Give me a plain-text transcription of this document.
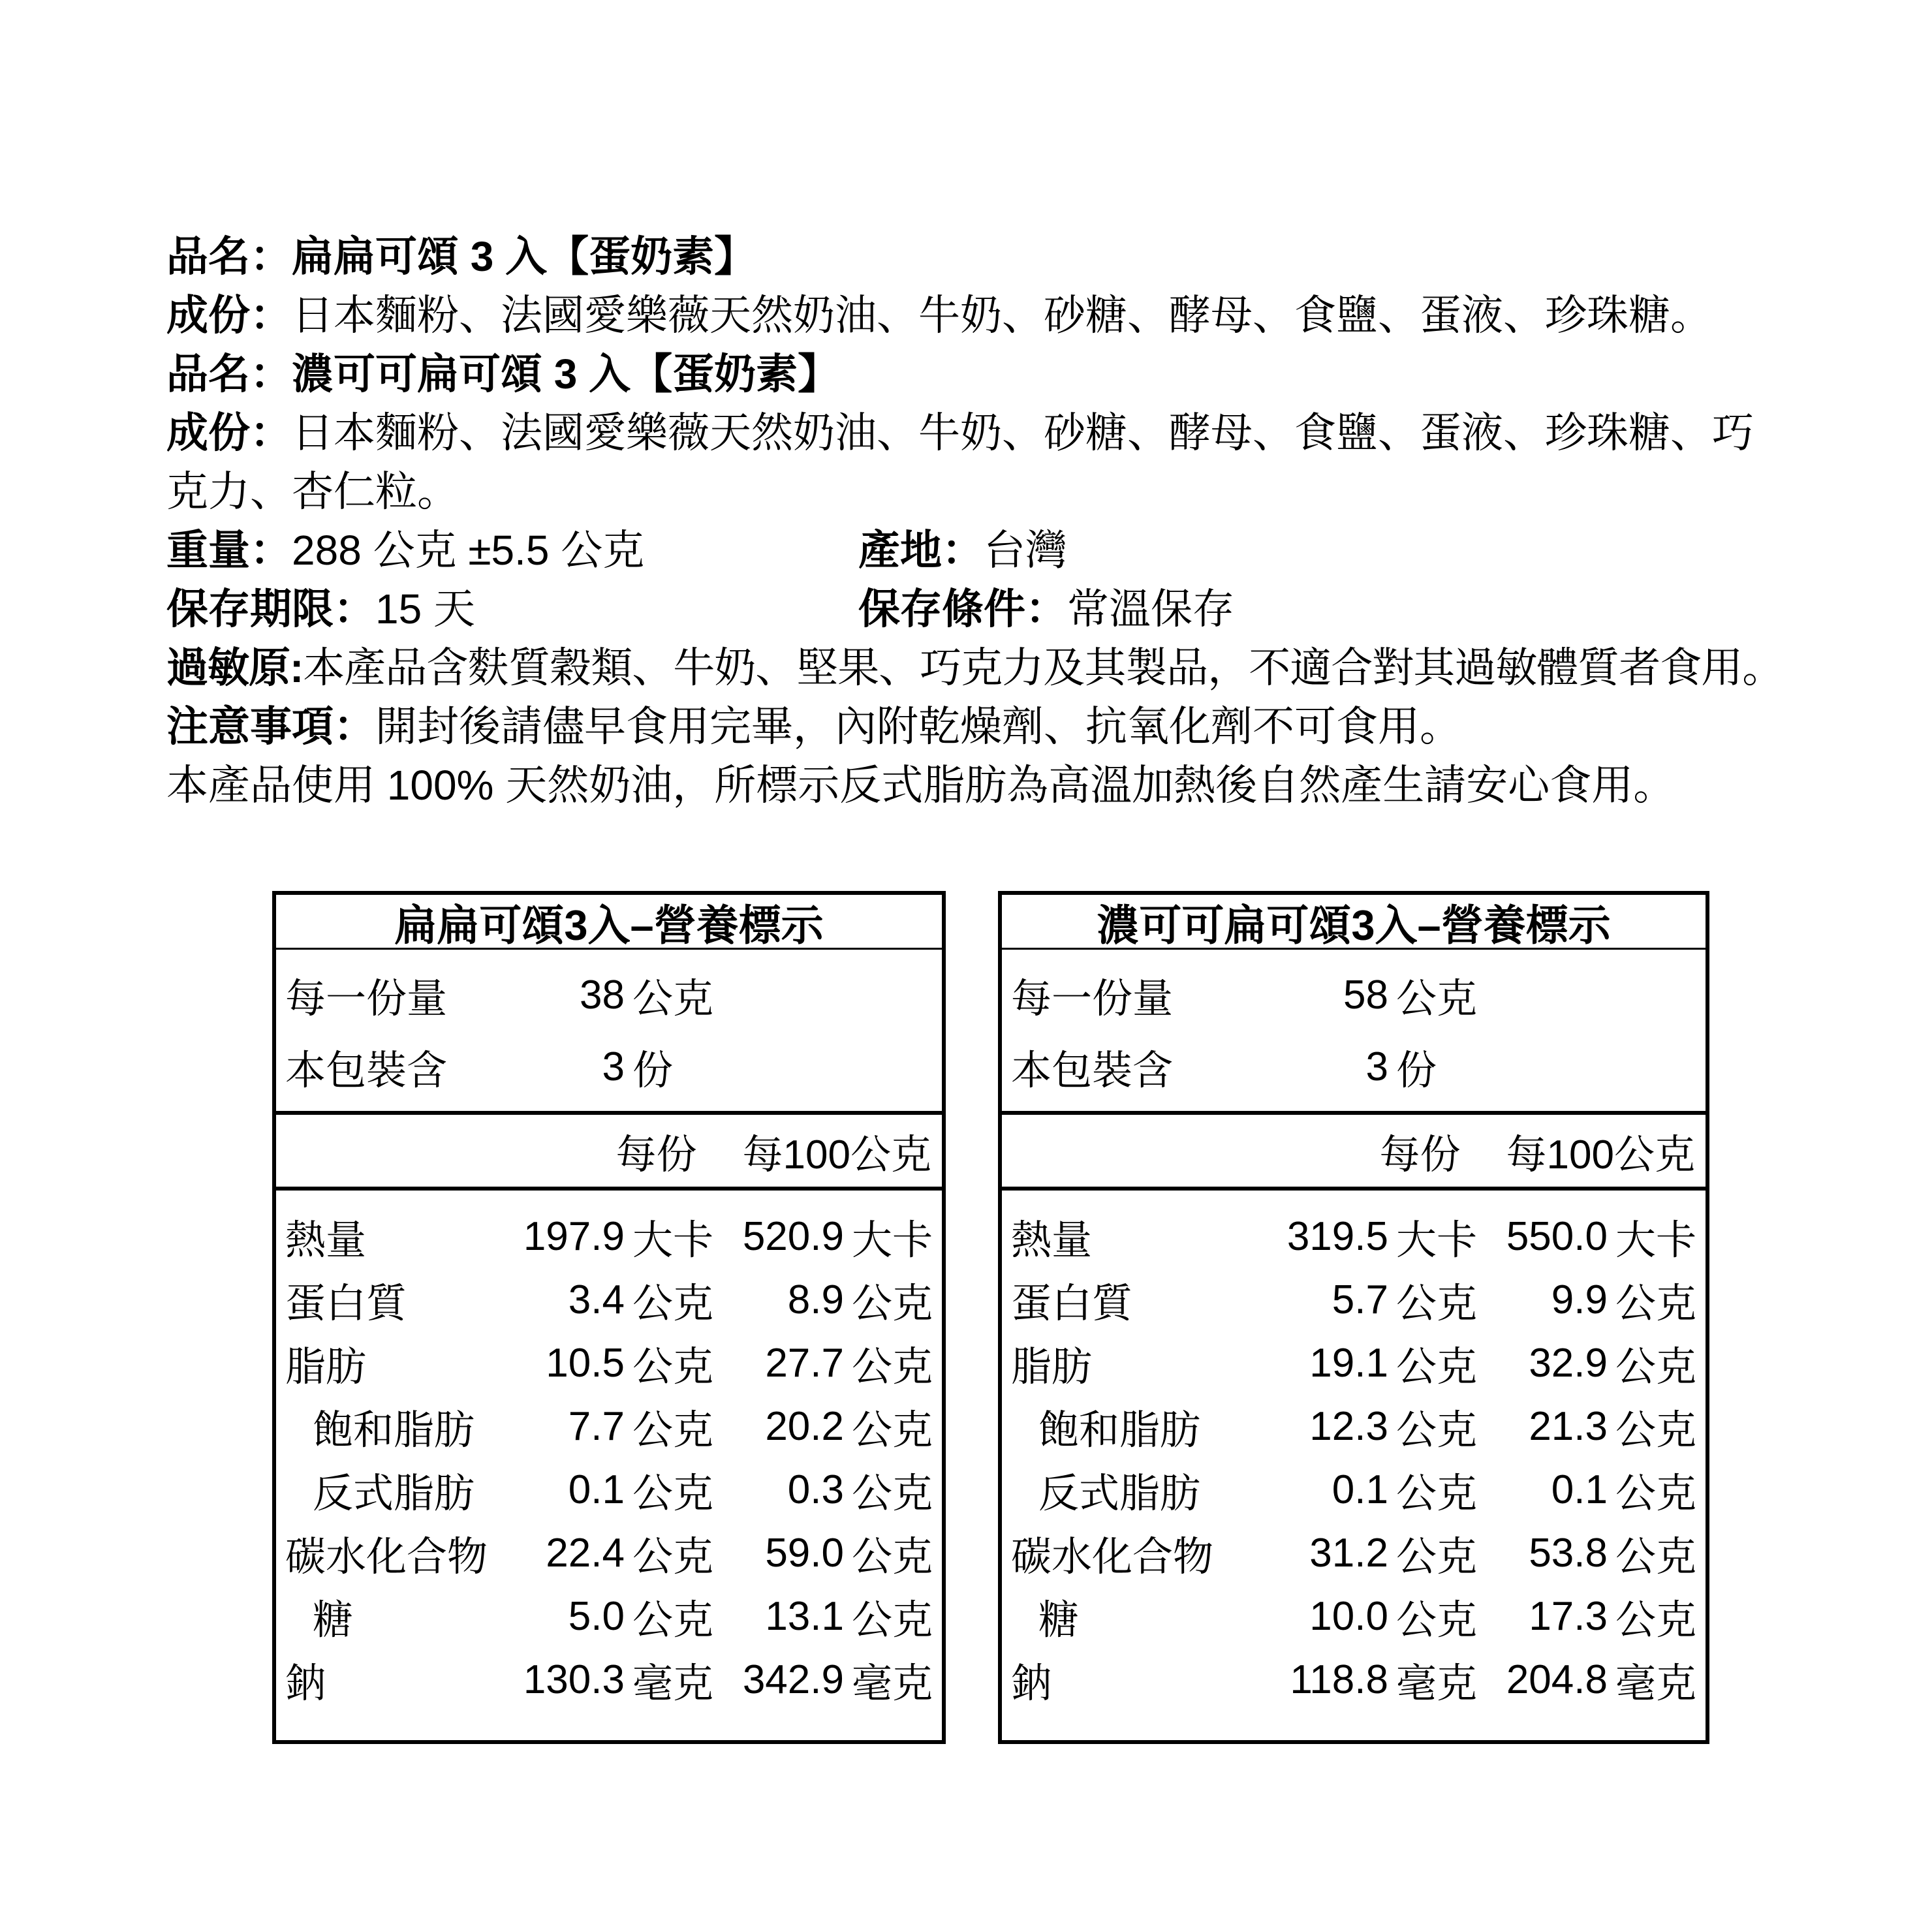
品名： 扁扁可頌 3 入【蛋奶素】
成份： 日本麵粉、法國愛樂薇天然奶油、牛奶、砂糖、酵母、食鹽、蛋液、珍珠糖。
品名： 濃可可扁可頌 3 入【蛋奶素】
成份： 日本麵粉、法國愛樂薇天然奶油、牛奶、砂糖、酵母、食鹽、蛋液、珍珠糖、巧
克力、杏仁粒。
重量：288 公克 ±5.5 公克	產地：台灣
保存期限：15 天	保存條件：常溫保存
過敏原: 本產品含麩質穀類、牛奶、堅果、巧克力及其製品，不適合對其過敏體質者食用。
注意事項： 開封後請儘早食用完畢，內附乾燥劑、抗氧化劑不可食用。
本產品使用 100% 天然奶油，所標示反式脂肪為高溫加熱後自然產生請安心食用。
扁扁可頌3入–營養標示
每一份量	38 公克
本包裝含	3 份
每份 每100公克
熱量	197.9 大卡 520.9 大卡
蛋白質	3.4 公克	8.9 公克
脂肪	10.5 公克	27.7 公克
飽和脂肪	7.7 公克	20.2 公克
反式脂肪	0.1 公克	0.3 公克
碳水化合物	22.4 公克	59.0 公克
糖	5.0 公克	13.1 公克
鈉	130.3 毫克 342.9 毫克
濃可可扁可頌3入–營養標示
每一份量	58 公克
本包裝含	3 份
每份 每100公克
熱量	319.5 大卡 550.0 大卡
蛋白質	5.7 公克	9.9 公克
脂肪	19.1 公克	32.9 公克
飽和脂肪	12.3 公克	21.3 公克
反式脂肪	0.1 公克	0.1 公克
碳水化合物	31.2 公克	53.8 公克
糖	10.0 公克	17.3 公克
鈉	118.8 毫克 204.8 毫克
